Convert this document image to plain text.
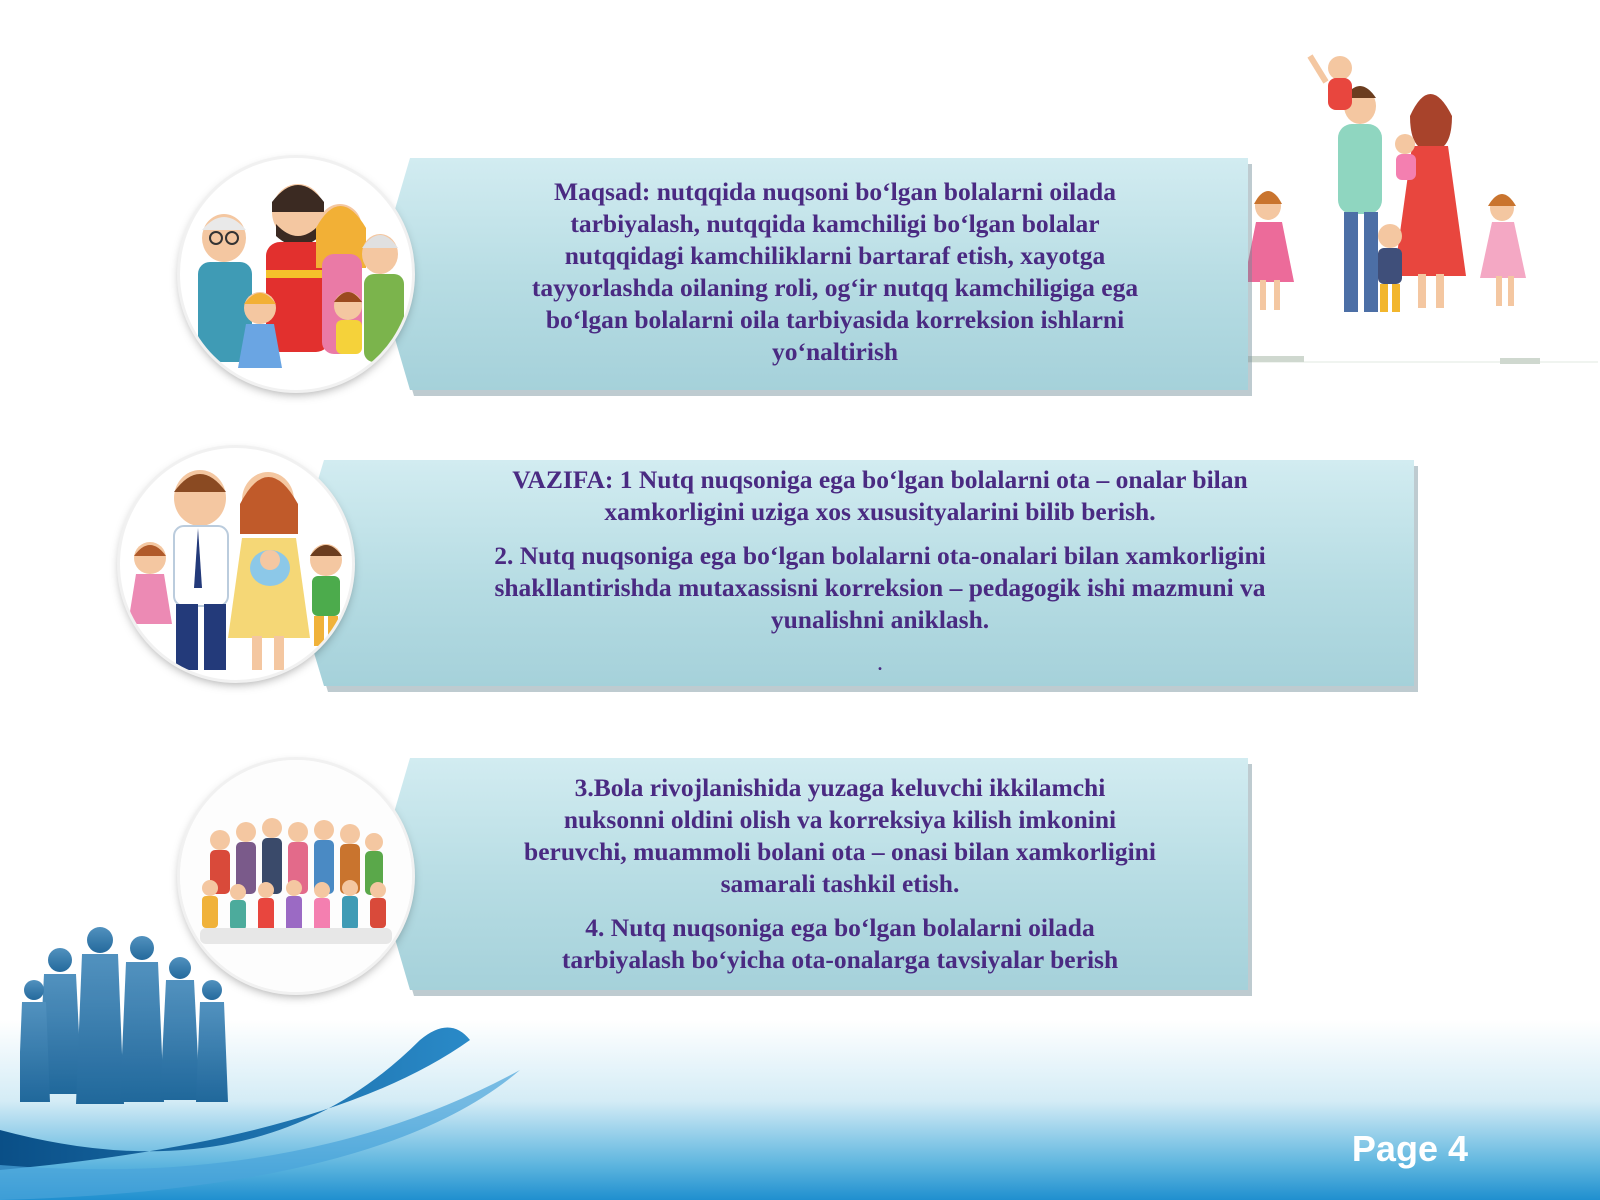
Maqsad: nutqqida nuqsoni bo‘lgan bolalarni oilada

tarbiyalash, nutqqida kamchiligi bo‘lgan bolalar

nutqqidagi kamchiliklarni bartaraf etish, xayotga

tayyorlashda oilaning roli, og‘ir nutqq kamchiligiga ega

bo‘lgan bolalarni oila tarbiyasida korreksion ishlarni

yo‘naltirish

VAZIFA: 1 Nutq nuqsoniga ega bo‘lgan bolalarni ota – onalar bilan

xamkorligini uziga xos xususityalarini bilib berish.

2. Nutq nuqsoniga ega bo‘lgan bolalarni ota-onalari bilan xamkorligini

shakllantirishda mutaxassisni korreksion – pedagogik ishi mazmuni va

yunalishni aniklash.

.

3.Bola rivojlanishida yuzaga keluvchi ikkilamchi

nuksonni oldini olish va korreksiya kilish imkonini

beruvchi, muammoli bolani ota – onasi bilan xamkorligini

samarali tashkil etish.

4. Nutq nuqsoniga ega bo‘lgan bolalarni oilada

tarbiyalash bo‘yicha ota-onalarga tavsiyalar berish

Page 4
